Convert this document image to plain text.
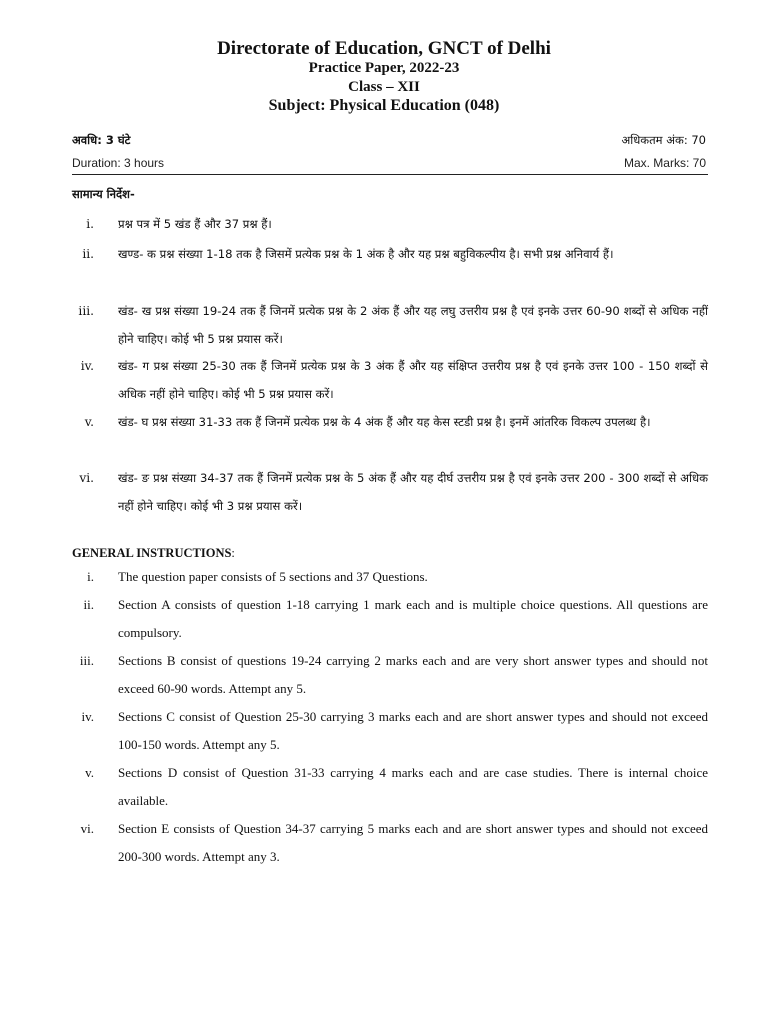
Directorate of Education, GNCT of Delhi
Practice Paper, 2022-23
Class – XII
Subject: Physical Education (048)
अवधि: 3 घंटे	अधिकतम अंक: 70
Duration: 3 hours	Max. Marks: 70
सामान्य निर्देश-
i. प्रश्न पत्र में 5 खंड हैं और 37 प्रश्न हैं।
ii. खण्ड- क प्रश्न संख्या 1-18 तक है जिसमें प्रत्येक प्रश्न के 1 अंक है और यह प्रश्न बहुविकल्पीय है। सभी प्रश्न अनिवार्य हैं।
iii. खंड- ख प्रश्न संख्या 19-24 तक हैं जिनमें प्रत्येक प्रश्न के 2 अंक हैं और यह लघु उत्तरीय प्रश्न है एवं इनके उत्तर 60-90 शब्दों से अधिक नहीं होने चाहिए। कोई भी 5 प्रश्न प्रयास करें।
iv. खंड- ग प्रश्न संख्या 25-30 तक हैं जिनमें प्रत्येक प्रश्न के 3 अंक हैं और यह संक्षिप्त उत्तरीय प्रश्न है एवं इनके उत्तर 100 - 150 शब्दों से अधिक नहीं होने चाहिए। कोई भी 5 प्रश्न प्रयास करें।
v. खंड- घ प्रश्न संख्या 31-33 तक हैं जिनमें प्रत्येक प्रश्न के 4 अंक हैं और यह केस स्टडी प्रश्न है। इनमें आंतरिक विकल्प उपलब्ध है।
vi. खंड- ङ प्रश्न संख्या 34-37 तक हैं जिनमें प्रत्येक प्रश्न के 5 अंक हैं और यह दीर्घ उत्तरीय प्रश्न है एवं इनके उत्तर 200 - 300 शब्दों से अधिक नहीं होने चाहिए। कोई भी 3 प्रश्न प्रयास करें।
GENERAL INSTRUCTIONS:
i. The question paper consists of 5 sections and 37 Questions.
ii. Section A consists of question 1-18 carrying 1 mark each and is multiple choice questions. All questions are compulsory.
iii. Sections B consist of questions 19-24 carrying 2 marks each and are very short answer types and should not exceed 60-90 words. Attempt any 5.
iv. Sections C consist of Question 25-30 carrying 3 marks each and are short answer types and should not exceed 100-150 words. Attempt any 5.
v. Sections D consist of Question 31-33 carrying 4 marks each and are case studies. There is internal choice available.
vi. Section E consists of Question 34-37 carrying 5 marks each and are short answer types and should not exceed 200-300 words. Attempt any 3.
